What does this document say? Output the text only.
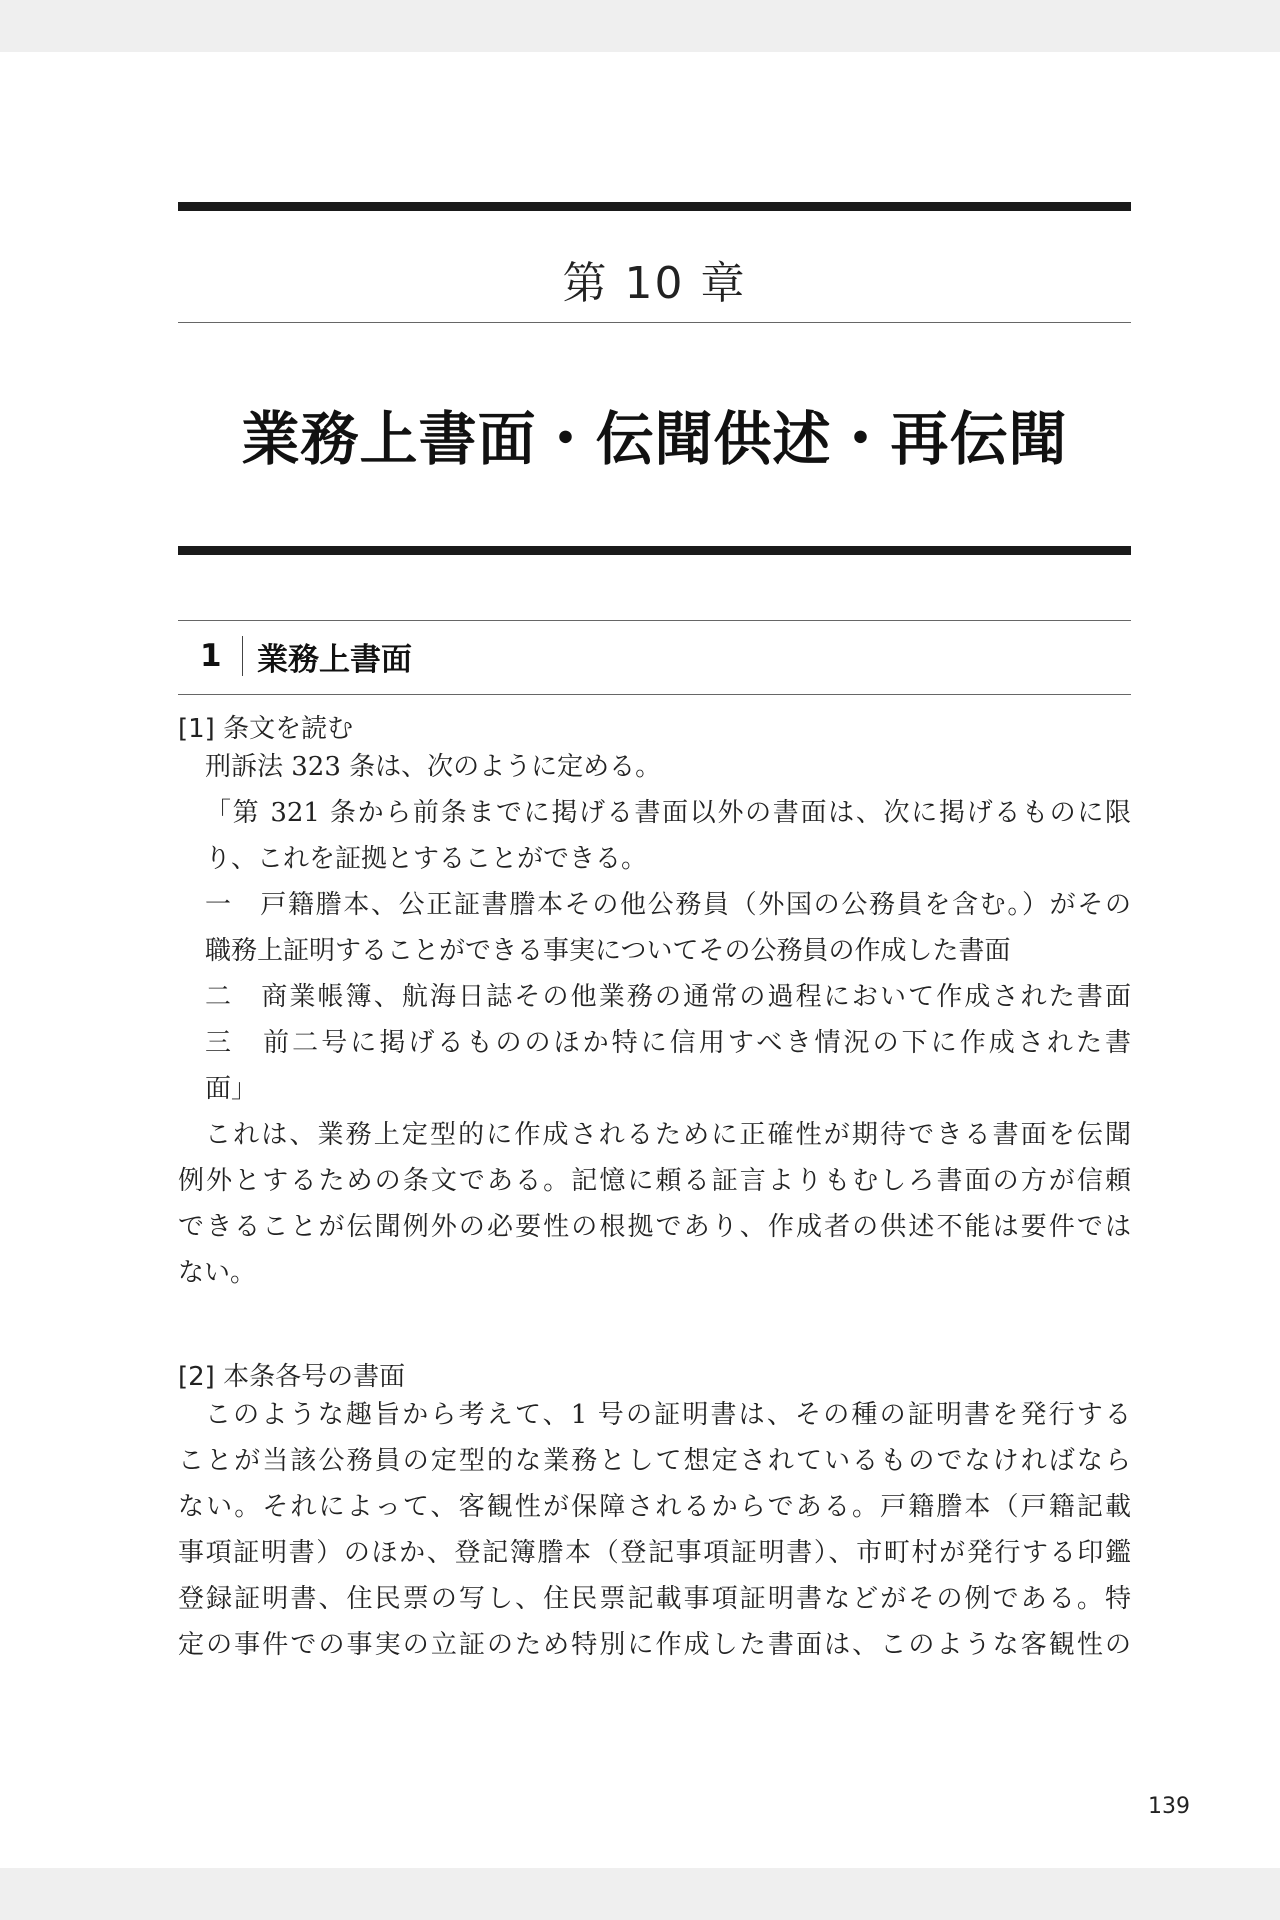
第 10 章
業務上書面・伝聞供述・再伝聞
1 業務上書面
[1] 条文を読む
刑訴法 323 条は、次のように定める。
「第 321 条から前条までに掲げる書面以外の書面は、次に掲げるものに限
り、これを証拠とすることができる。
一　戸籍謄本、公正証書謄本その他公務員（外国の公務員を含む。）がその
職務上証明することができる事実についてその公務員の作成した書面
二　商業帳簿、航海日誌その他業務の通常の過程において作成された書面
三　前二号に掲げるもののほか特に信用すべき情況の下に作成された書
面」
これは、業務上定型的に作成されるために正確性が期待できる書面を伝聞
例外とするための条文である。記憶に頼る証言よりもむしろ書面の方が信頼
できることが伝聞例外の必要性の根拠であり、作成者の供述不能は要件では
ない。
[2] 本条各号の書面
このような趣旨から考えて、1 号の証明書は、その種の証明書を発行する
ことが当該公務員の定型的な業務として想定されているものでなければなら
ない。それによって、客観性が保障されるからである。戸籍謄本（戸籍記載
事項証明書）のほか、登記簿謄本（登記事項証明書）、市町村が発行する印鑑
登録証明書、住民票の写し、住民票記載事項証明書などがその例である。特
定の事件での事実の立証のため特別に作成した書面は、このような客観性の
139
